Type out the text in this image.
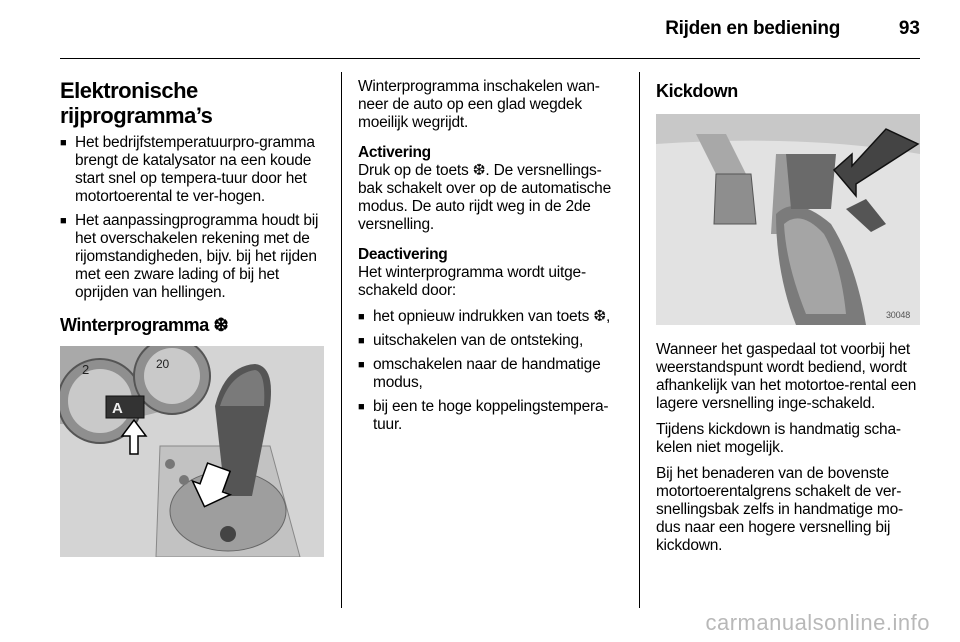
Rijden en bediening	93
Elektronische rijprogramma’s
■ Het bedrijfstemperatuurpro-gramma brengt de katalysator na een koude start snel op tempera-tuur door het motortoerental te ver-hogen.
■ Het aanpassingprogramma houdt bij het overschakelen rekening met de rijomstandigheden, bijv. bij het rijden met een zware lading of bij het oprijden van hellingen.
Winterprogramma ❆
2	20
A

Winterprogramma inschakelen wan-neer de auto op een glad wegdek moeilijk wegrijdt.

Activering

Druk op de toets ❆. De versnellings-bak schakelt over op de automatische modus. De auto rijdt weg in de 2de versnelling.

Deactivering

Het winterprogramma wordt uitge-schakeld door:

■ het opnieuw indrukken van toets ❆,
■ uitschakelen van de ontsteking,
■ omschakelen naar de handmatige modus,
■ bij een te hoge koppelingstempera-tuur.
Kickdown
30048

Wanneer het gaspedaal tot voorbij het weerstandspunt wordt bediend, wordt afhankelijk van het motortoe-rental een lagere versnelling inge-schakeld.

Tijdens kickdown is handmatig scha-kelen niet mogelijk.

Bij het benaderen van de bovenste motortoerentalgrens schakelt de ver-snellingsbak zelfs in handmatige mo-dus naar een hogere versnelling bij kickdown.

carmanualsonline.info
